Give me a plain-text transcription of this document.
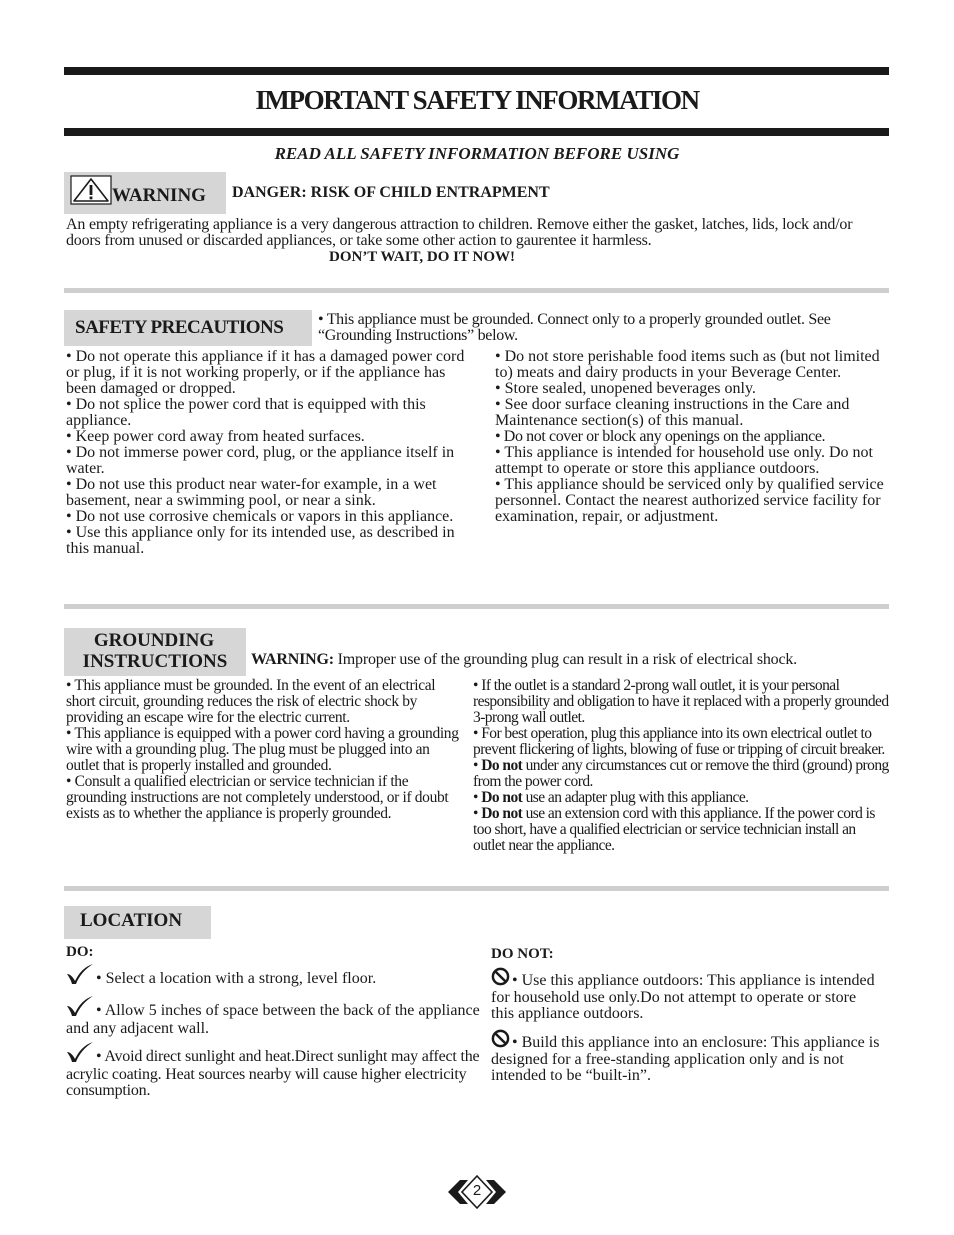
IMPORTANT SAFETY INFORMATION
READ ALL SAFETY INFORMATION BEFORE USING
WARNING DANGER: RISK OF CHILD ENTRAPMENT
An empty refrigerating appliance is a very dangerous attraction to children. Remove either the gasket, latches, lids, lock and/or doors from unused or discarded appliances, or take some other action to gaurentee it harmless.
DON’T WAIT, DO IT NOW!
SAFETY PRECAUTIONS • This appliance must be grounded. Connect only to a properly grounded outlet. See “Grounding Instructions” below.

• Do not operate this appliance if it has a damaged power cord or plug, if it is not working properly, or if the appliance has been damaged or dropped.

• Do not splice the power cord that is equipped with this appliance.

• Keep power cord away from heated surfaces.

• Do not immerse power cord, plug, or the appliance itself in water.

• Do not use this product near water-for example, in a wet basement, near a swimming pool, or near a sink.

• Do not use corrosive chemicals or vapors in this appliance.

• Use this appliance only for its intended use, as described in this manual.

• Do not store perishable food items such as (but not limited to) meats and dairy products in your Beverage Center.

• Store sealed, unopened beverages only.

• See door surface cleaning instructions in the Care and Maintenance section(s) of this manual.

• Do not cover or block any openings on the appliance.

• This appliance is intended for household use only. Do not attempt to operate or store this appliance outdoors.

• This appliance should be serviced only by qualified service personnel. Contact the nearest authorized service facility for examination, repair, or adjustment.

GROUNDING
INSTRUCTIONS	WARNING: Improper use of the grounding plug can result in a risk of electrical shock.

• This appliance must be grounded. In the event of an electrical short circuit, grounding reduces the risk of electric shock by providing an escape wire for the electric current.

• This appliance is equipped with a power cord having a grounding wire with a grounding plug. The plug must be plugged into an outlet that is properly installed and grounded.

• Consult a qualified electrician or service technician if the grounding instructions are not completely understood, or if doubt exists as to whether the appliance is properly grounded.

• If the outlet is a standard 2-prong wall outlet, it is your personal responsibility and obligation to have it replaced with a properly grounded 3-prong wall outlet.

• For best operation, plug this appliance into its own electrical outlet to prevent flickering of lights, blowing of fuse or tripping of circuit breaker.

• Do not under any circumstances cut or remove the third (ground) prong from the power cord.

• Do not use an adapter plug with this appliance.

• Do not use an extension cord with this appliance. If the power cord is too short, have a qualified electrician or service technician install an outlet near the appliance.

LOCATION
DO:
• Select a location with a strong, level floor.
• Allow 5 inches of space between the back of the appliance and any adjacent wall.
• Avoid direct sunlight and heat.Direct sunlight may affect the acrylic coating. Heat sources nearby will cause higher electricity consumption.
DO NOT:
• Use this appliance outdoors: This appliance is intended for household use only.Do not attempt to operate or store this appliance outdoors.
• Build this appliance into an enclosure: This appliance is designed for a free-standing application only and is not intended to be “built-in”.
2
